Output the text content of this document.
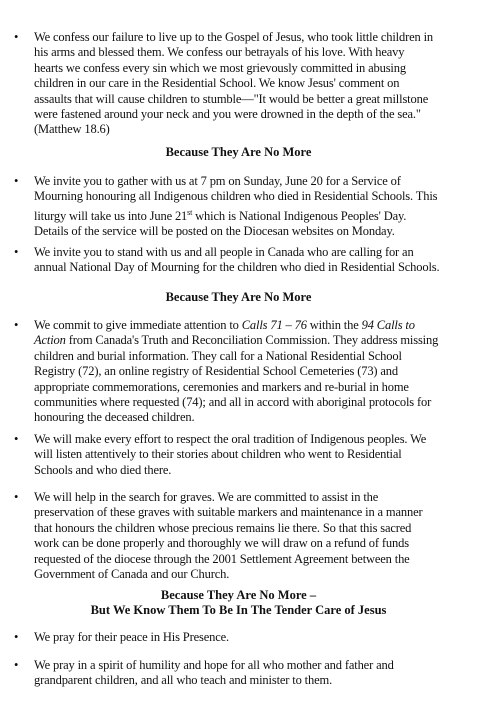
• We confess our failure to live up to the Gospel of Jesus, who took little children in
his arms and blessed them. We confess our betrayals of his love. With heavy
hearts we confess every sin which we most grievously committed in abusing
children in our care in the Residential School. We know Jesus' comment on
assaults that will cause children to stumble—"It would be better a great millstone
were fastened around your neck and you were drowned in the depth of the sea."
(Matthew 18.6)
Because They Are No More
• We invite you to gather with us at 7 pm on Sunday, June 20 for a Service of
Mourning honouring all Indigenous children who died in Residential Schools. This
liturgy will take us into June 21st which is National Indigenous Peoples' Day.
Details of the service will be posted on the Diocesan websites on Monday.
• We invite you to stand with us and all people in Canada who are calling for an
annual National Day of Mourning for the children who died in Residential Schools.
Because They Are No More
• We commit to give immediate attention to Calls 71 – 76 within the 94 Calls to
Action from Canada's Truth and Reconciliation Commission. They address missing
children and burial information. They call for a National Residential School
Registry (72), an online registry of Residential School Cemeteries (73) and
appropriate commemorations, ceremonies and markers and re-burial in home
communities where requested (74); and all in accord with aboriginal protocols for
honouring the deceased children.
• We will make every effort to respect the oral tradition of Indigenous peoples. We
will listen attentively to their stories about children who went to Residential
Schools and who died there.
• We will help in the search for graves. We are committed to assist in the
preservation of these graves with suitable markers and maintenance in a manner
that honours the children whose precious remains lie there. So that this sacred
work can be done properly and thoroughly we will draw on a refund of funds
requested of the diocese through the 2001 Settlement Agreement between the
Government of Canada and our Church.
Because They Are No More –
But We Know Them To Be In The Tender Care of Jesus
• We pray for their peace in His Presence.
• We pray in a spirit of humility and hope for all who mother and father and
grandparent children, and all who teach and minister to them.
